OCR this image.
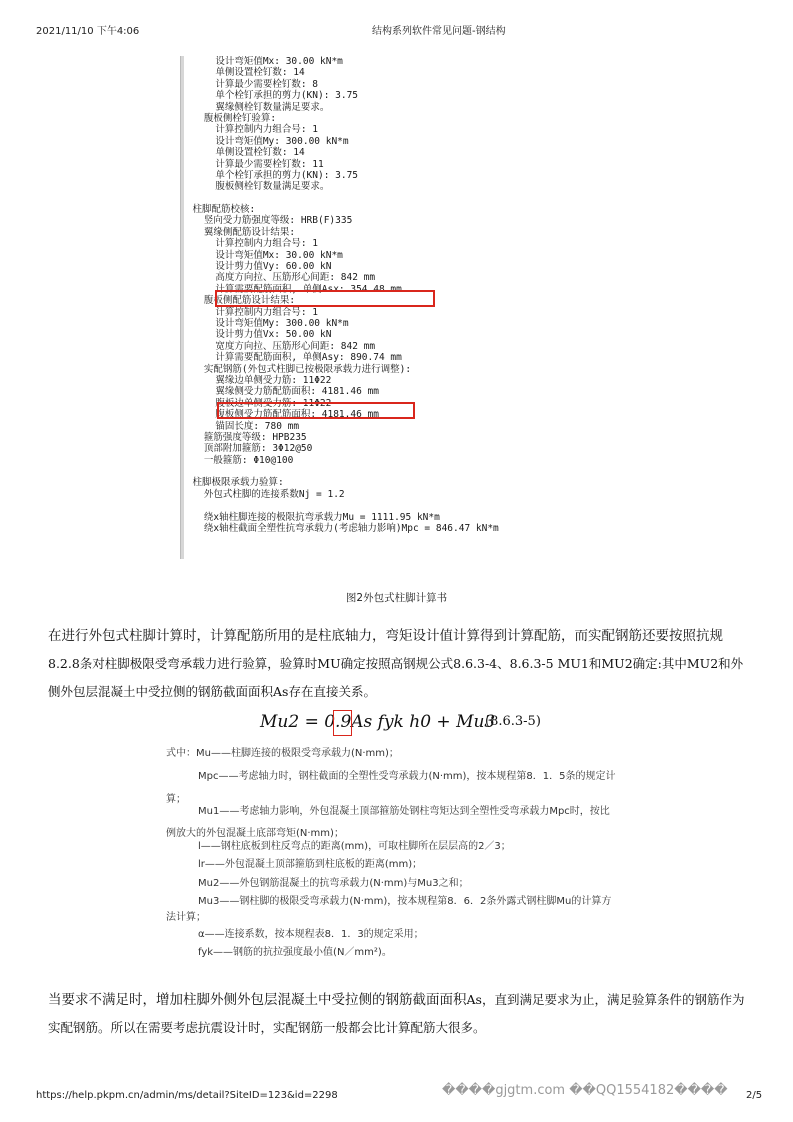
2021/11/10 下午4:06	结构系列软件常见问题-钢结构
设计弯矩值Mx: 30.00 kN*m
单侧设置栓钉数: 14
计算最少需要栓钉数: 8
单个栓钉承担的剪力(KN): 3.75
翼缘侧栓钉数量满足要求。
腹板侧栓钉验算:
计算控制内力组合号: 1
设计弯矩值My: 300.00 kN*m
单侧设置栓钉数: 14
计算最少需要栓钉数: 11
单个栓钉承担的剪力(KN): 3.75
腹板侧栓钉数量满足要求。
柱脚配筋校核:
竖向受力筋强度等级: HRB(F)335
翼缘侧配筋设计结果:
计算控制内力组合号: 1
设计弯矩值Mx: 30.00 kN*m
设计剪力值Vy: 60.00 kN
高度方向拉、压筋形心间距: 842 mm
计算需要配筋面积, 单侧Asx: 354.48 mm
腹板侧配筋设计结果:
计算控制内力组合号: 1
设计弯矩值My: 300.00 kN*m
设计剪力值Vx: 50.00 kN
宽度方向拉、压筋形心间距: 842 mm
计算需要配筋面积, 单侧Asy: 890.74 mm
实配钢筋(外包式柱脚已按极限承载力进行调整):
翼缘边单侧受力筋: 11Φ22
翼缘侧受力筋配筋面积: 4181.46 mm
腹板边单侧受力筋: 11Φ22
腹板侧受力筋配筋面积: 4181.46 mm
锚固长度: 780 mm
箍筋强度等级: HPB235
顶部附加箍筋: 3Φ12@50
一般箍筋: Φ10@100
柱脚极限承载力验算:
外包式柱脚的连接系数Nj = 1.2
绕x轴柱脚连接的极限抗弯承载力Mu = 1111.95 kN*m
绕x轴柱截面全塑性抗弯承载力(考虑轴力影响)Mpc = 846.47 kN*m
图2外包式柱脚计算书

在进行外包式柱脚计算时，计算配筋所用的是柱底轴力，弯矩设计值计算得到计算配筋，而实配钢筋还要按照抗规8.2.8条对柱脚极限受弯承载力进行验算，验算时MU确定按照高钢规公式8.6.3-4、8.6.3-5 MU1和MU2确定:其中MU2和外侧外包层混凝土中受拉侧的钢筋截面面积As存在直接关系。

Mu2 = 0.9As fyk h0 + Mu3
(8.6.3-5)
式中：Mu——柱脚连接的极限受弯承载力(N·mm)；
Mpc——考虑轴力时，钢柱截面的全塑性受弯承载力(N·mm)，按本规程第8．1．5条的规定计
算；
Mu1——考虑轴力影响，外包混凝土顶部箍筋处钢柱弯矩达到全塑性受弯承载力Mpc时，按比
例放大的外包混凝土底部弯矩(N·mm)；
l——钢柱底板到柱反弯点的距离(mm)，可取柱脚所在层层高的2／3；
lr——外包混凝土顶部箍筋到柱底板的距离(mm)；
Mu2——外包钢筋混凝土的抗弯承载力(N·mm)与Mu3之和；
Mu3——钢柱脚的极限受弯承载力(N·mm)，按本规程第8．6．2条外露式钢柱脚Mu的计算方
法计算；
α——连接系数，按本规程表8．1．3的规定采用；
fyk——钢筋的抗拉强度最小值(N／mm²)。

当要求不满足时，增加柱脚外侧外包层混凝土中受拉侧的钢筋截面面积As，直到满足要求为止，满足验算条件的钢筋作为实配钢筋。所以在需要考虑抗震设计时，实配钢筋一般都会比计算配筋大很多。

����gjgtm.com ��QQ1554182����
https://help.pkpm.cn/admin/ms/detail?SiteID=123&id=2298	2/5
